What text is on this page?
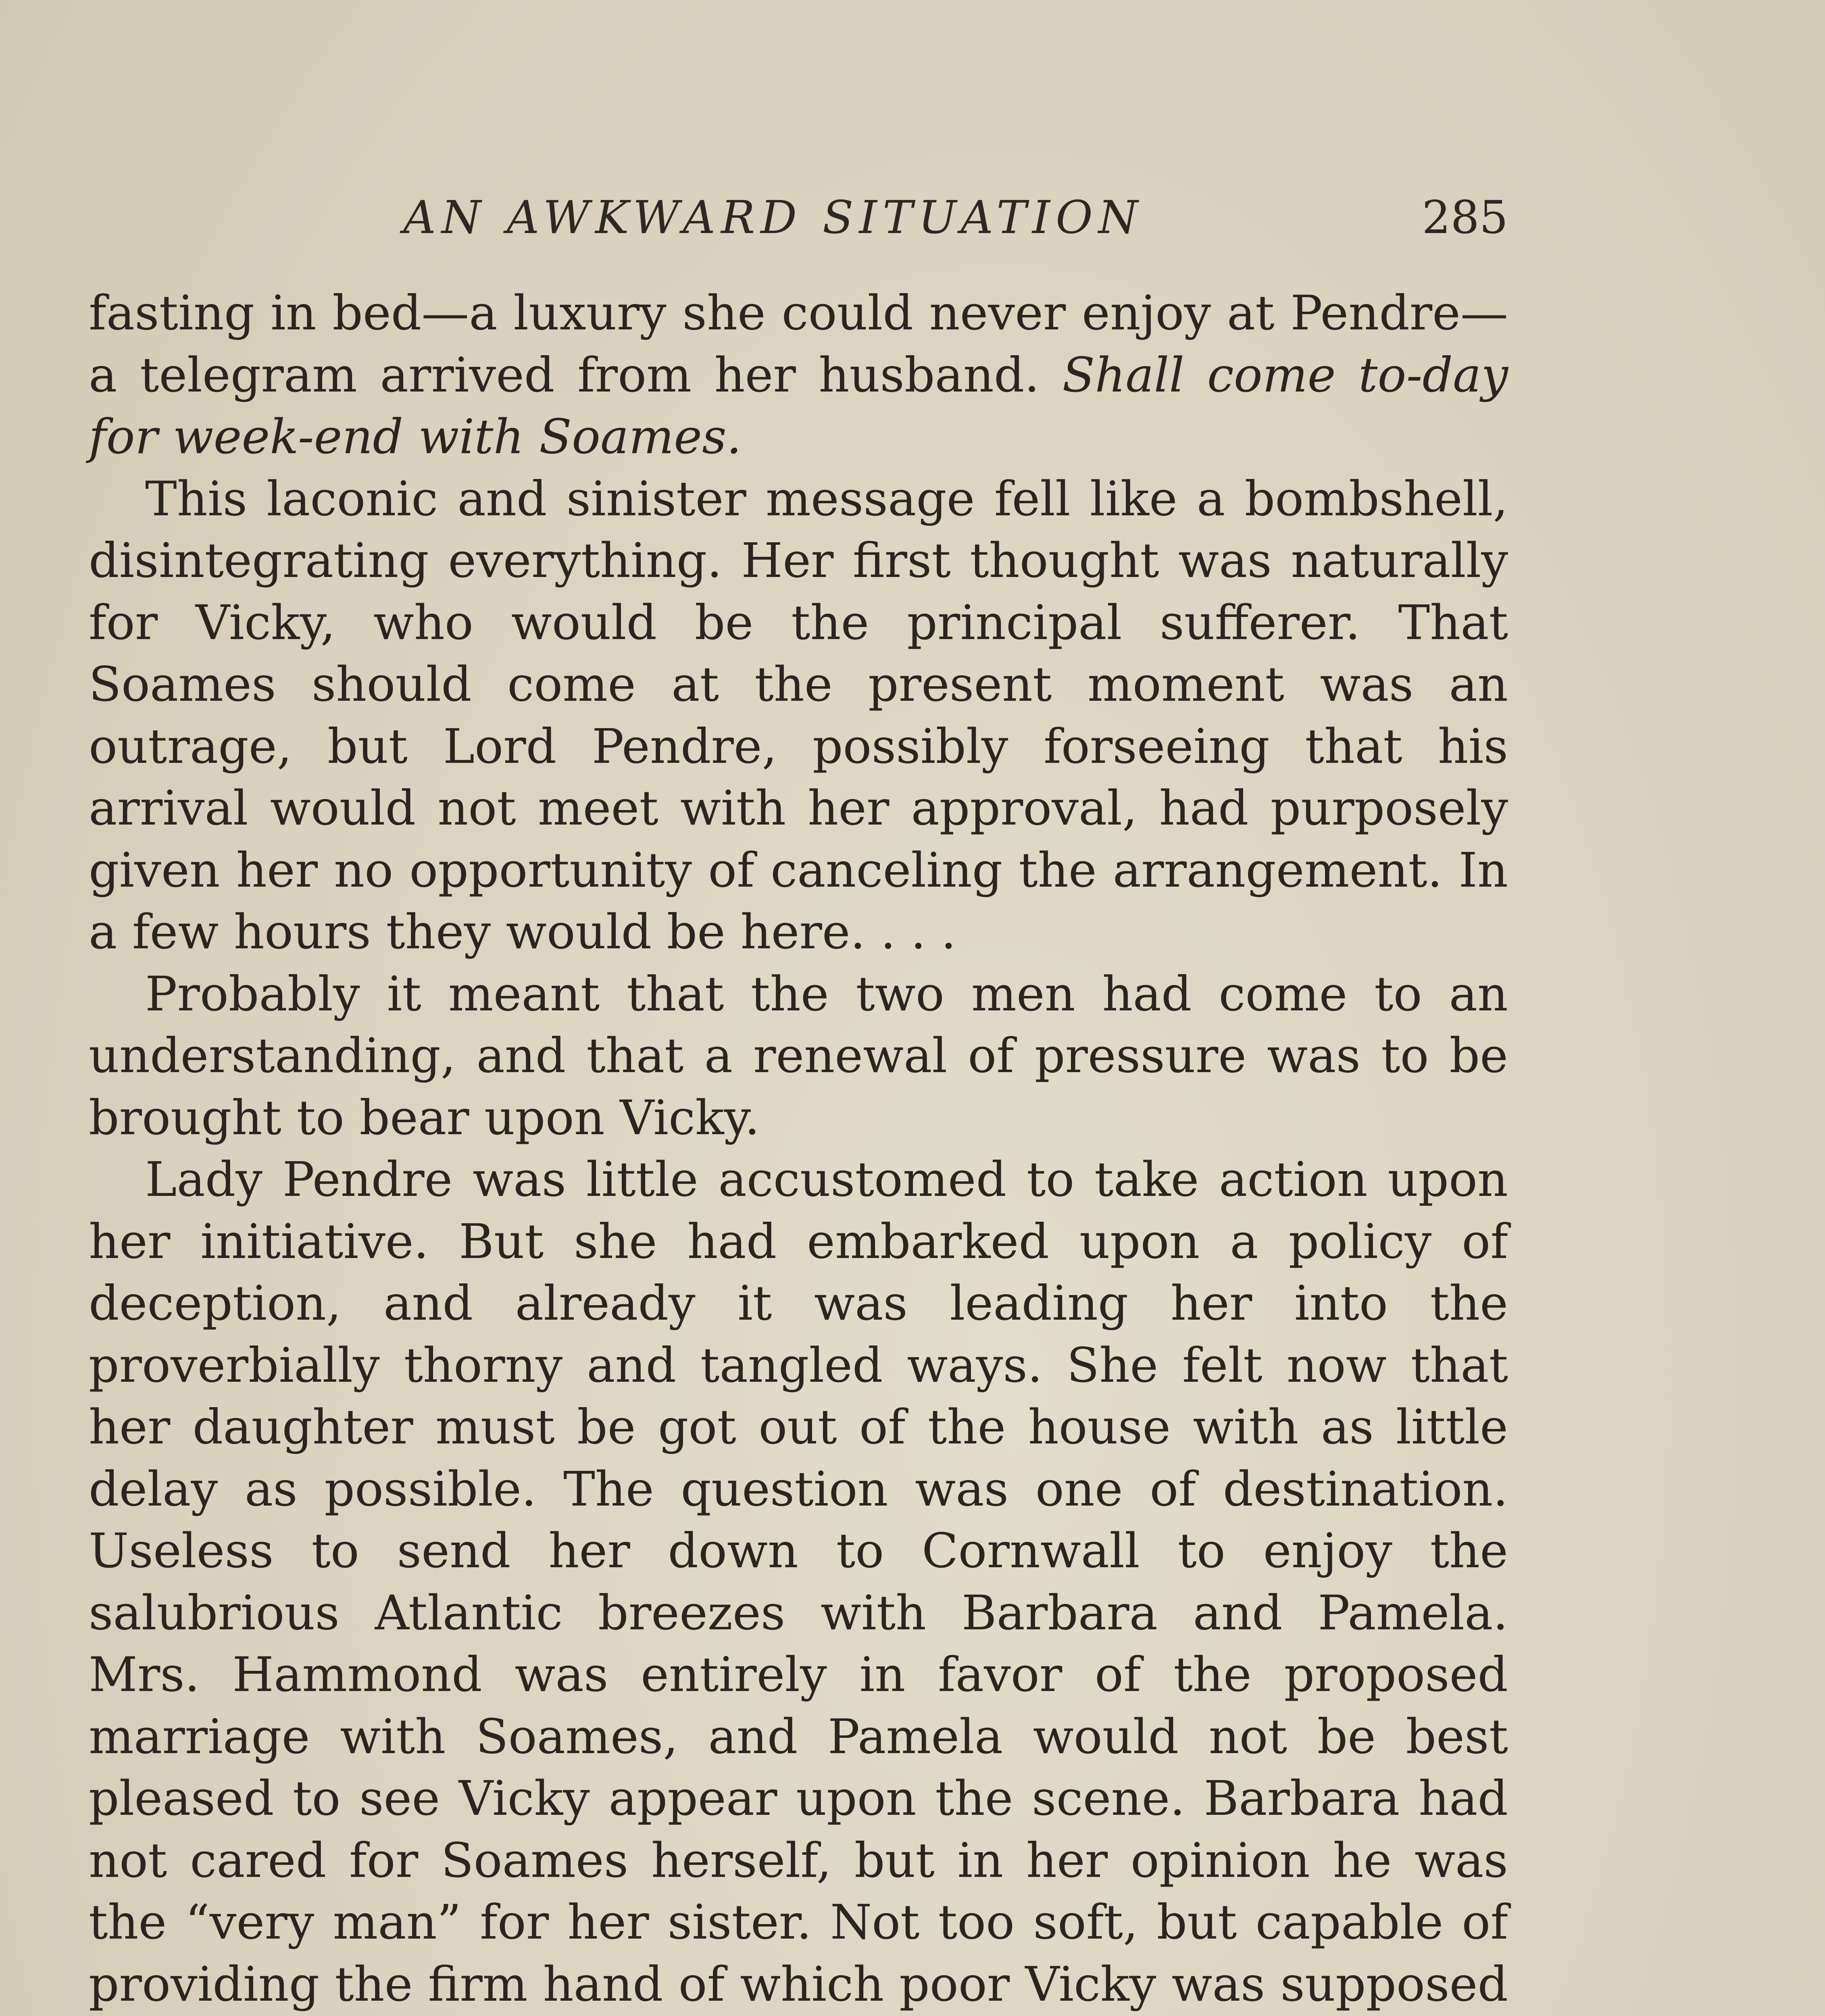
AN AWKWARD SITUATION	285

fasting in bed—a luxury she could never enjoy at Pendre—a telegram arrived from her husband. Shall come to-day for week-end with Soames.

This laconic and sinister message fell like a bombshell, disintegrating everything. Her first thought was naturally for Vicky, who would be the principal sufferer. That Soames should come at the present moment was an outrage, but Lord Pendre, possibly forseeing that his arrival would not meet with her approval, had purposely given her no opportunity of canceling the arrangement. In a few hours they would be here. . . .

Probably it meant that the two men had come to an understanding, and that a renewal of pressure was to be brought to bear upon Vicky.

Lady Pendre was little accustomed to take action upon her initiative. But she had embarked upon a policy of deception, and already it was leading her into the proverbially thorny and tangled ways. She felt now that her daughter must be got out of the house with as little delay as possible. The question was one of destination. Useless to send her down to Cornwall to enjoy the salubrious Atlantic breezes with Barbara and Pamela. Mrs. Hammond was entirely in favor of the proposed marriage with Soames, and Pamela would not be best pleased to see Vicky appear upon the scene. Barbara had not cared for Soames herself, but in her opinion he was the “very man” for her sister. Not too soft, but capable of providing the firm hand of which poor Vicky was supposed
